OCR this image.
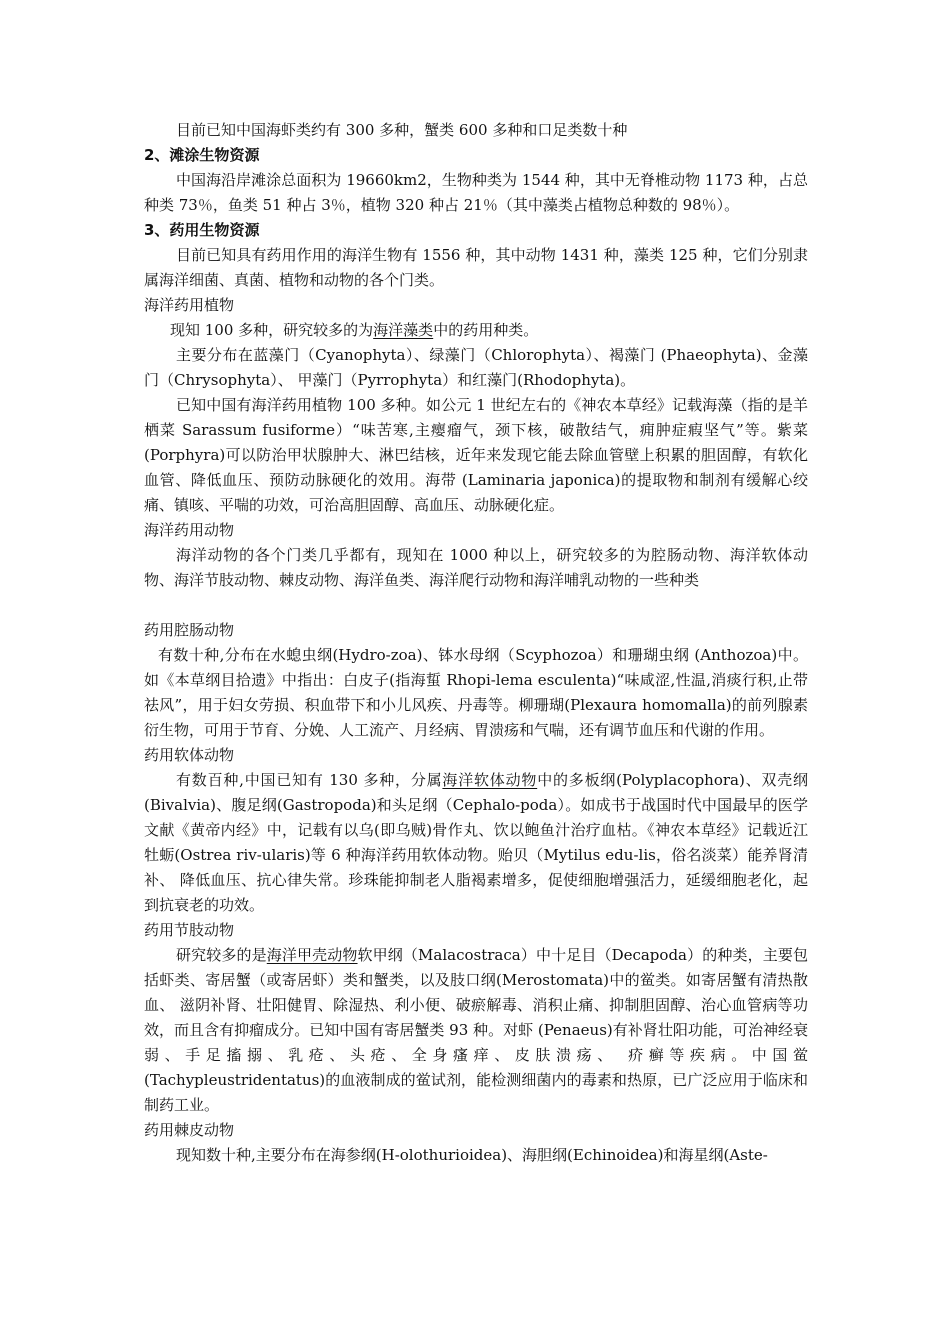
目前已知中国海虾类约有 300 多种，蟹类 600 多种和口足类数十种

2、滩涂生物资源

中国海沿岸滩涂总面积为 19660km2，生物种类为 1544 种，其中无脊椎动物 1173 种，占总种类 73％，鱼类 51 种占 3％，植物 320 种占 21％（其中藻类占植物总种数的 98％）。

3、药用生物资源

目前已知具有药用作用的海洋生物有 1556 种，其中动物 1431 种，藻类 125 种，它们分别隶属海洋细菌、真菌、植物和动物的各个门类。

海洋药用植物

现知 100 多种，研究较多的为海洋藻类中的药用种类。

主要分布在蓝藻门（Cyanophyta）、绿藻门（Chlorophyta）、褐藻门 (Phaeophyta)、金藻门（Chrysophyta）、 甲藻门（Pyrrophyta）和红藻门(Rhodophyta)。

已知中国有海洋药用植物 100 多种。如公元 1 世纪左右的《神农本草经》记载海藻（指的是羊栖菜 Sarassum fusiforme）“味苦寒,主瘿瘤气，颈下核，破散结气，痈肿症瘕坚气”等。紫菜(Porphyra)可以防治甲状腺肿大、淋巴结核，近年来发现它能去除血管壁上积累的胆固醇，有软化血管、降低血压、预防动脉硬化的效用。海带 (Laminaria japonica)的提取物和制剂有缓解心绞痛、镇咳、平喘的功效，可治高胆固醇、高血压、动脉硬化症。

海洋药用动物

海洋动物的各个门类几乎都有，现知在 1000 种以上，研究较多的为腔肠动物、海洋软体动物、海洋节肢动物、棘皮动物、海洋鱼类、海洋爬行动物和海洋哺乳动物的一些种类

药用腔肠动物

有数十种,分布在水螅虫纲(Hydro-zoa)、钵水母纲（Scyphozoa）和珊瑚虫纲 (Anthozoa)中。如《本草纲目拾遗》中指出：白皮子(指海蜇 Rhopi-lema esculenta)“味咸涩,性温,消痰行积,止带祛风”，用于妇女劳损、积血带下和小儿风疾、丹毒等。柳珊瑚(Plexaura homomalla)的前列腺素衍生物，可用于节育、分娩、人工流产、月经病、胃溃疡和气喘，还有调节血压和代谢的作用。

药用软体动物

有数百种,中国已知有 130 多种，分属海洋软体动物中的多板纲(Polyplacophora)、双壳纲(Bivalvia)、腹足纲(Gastropoda)和头足纲（Cephalo-poda）。如成书于战国时代中国最早的医学文献《黄帝内经》中，记载有以乌(即乌贼)骨作丸、饮以鲍鱼汁治疗血枯。《神农本草经》记载近江牡蛎(Ostrea riv-ularis)等 6 种海洋药用软体动物。贻贝（Mytilus edu-lis，俗名淡菜）能养肾清补、 降低血压、抗心律失常。珍珠能抑制老人脂褐素增多，促使细胞增强活力，延缓细胞老化，起到抗衰老的功效。

药用节肢动物

研究较多的是海洋甲壳动物软甲纲（Malacostraca）中十足目（Decapoda）的种类，主要包括虾类、寄居蟹（或寄居虾）类和蟹类，以及肢口纲(Merostomata)中的鲎类。如寄居蟹有清热散血、 滋阴补肾、壮阳健胃、除湿热、利小便、破瘀解毒、消积止痛、抑制胆固醇、治心血管病等功效，而且含有抑瘤成分。已知中国有寄居蟹类 93 种。对虾 (Penaeus)有补肾壮阳功能，可治神经衰弱、手足搐搦、乳疮、头疮、全身瘙痒、皮肤溃疡、 疥癣等疾病。中国鲎(Tachypleustridentatus)的血液制成的鲎试剂，能检测细菌内的毒素和热原，已广泛应用于临床和制药工业。

药用棘皮动物

现知数十种,主要分布在海参纲(H-olothurioidea)、海胆纲(Echinoidea)和海星纲(Aste-
